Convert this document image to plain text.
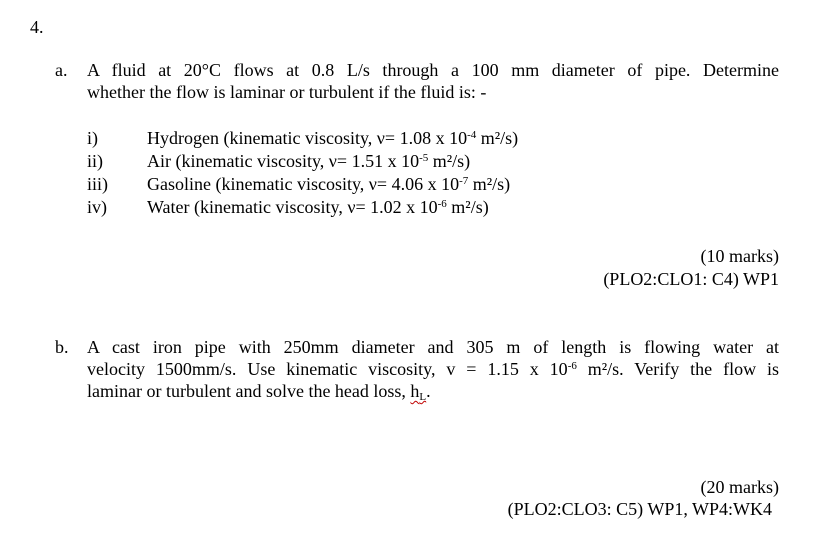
4.
a.	A fluid at 20°C flows at 0.8 L/s through a 100 mm diameter of pipe. Determine
whether the flow is laminar or turbulent if the fluid is: -
i)	Hydrogen (kinematic viscosity, ν= 1.08 x $10^{-4}$ m²/s)
ii) Air (kinematic viscosity, ν= 1.51 x $10^{-5}$ m²/s)
iii) Gasoline (kinematic viscosity, ν= 4.06 x $10^{-7}$ m²/s)
iv) Water (kinematic viscosity, ν= 1.02 x $10^{-6}$ m²/s)
(10 marks)
(PLO2:CLO1: C4) WP1
b.	A cast iron pipe with 250mm diameter and 305 m of length is flowing water at
velocity 1500mm/s. Use kinematic viscosity, v = 1.15 x $10^{-6}$ m²/s. Verify the flow is
laminar or turbulent and solve the head loss, $h_L$.
(20 marks)
(PLO2:CLO3: C5) WP1, WP4:WK4
